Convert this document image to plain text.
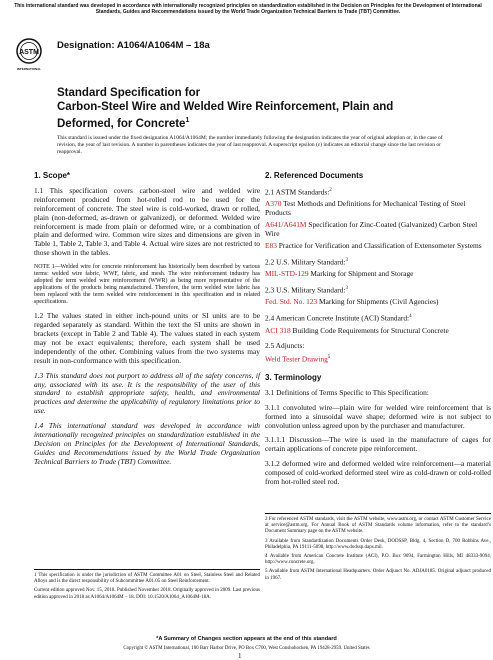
This international standard was developed in accordance with internationally recognized principles on standardization established in the Decision on Principles for the Development of International Standards, Guides and Recommendations issued by the World Trade Organization Technical Barriers to Trade (TBT) Committee.
ASTM
INTERNATIONAL
Designation: A1064/A1064M – 18a
Standard Specification for
Carbon-Steel Wire and Welded Wire Reinforcement, Plain and Deformed, for Concrete$^1$
This standard is issued under the fixed designation A1064/A1064M; the number immediately following the designation indicates the year of original adoption or, in the case of revision, the year of last revision. A number in parentheses indicates the year of last reapproval. A superscript epsilon (ε) indicates an editorial change since the last revision or reapproval.
1. Scope*

1.1 This specification covers carbon-steel wire and welded wire reinforcement produced from hot-rolled rod to be used for the reinforcement of concrete. The steel wire is cold-worked, drawn or rolled, plain (non-deformed, as-drawn or galvanized), or deformed. Welded wire reinforcement is made from plain or deformed wire, or a combination of plain and deformed wire. Common wire sizes and dimensions are given in Table 1, Table 2, Table 3, and Table 4. Actual wire sizes are not restricted to those shown in the tables.

NOTE 1—Welded wire for concrete reinforcement has historically been described by various terms: welded wire fabric, WWF, fabric, and mesh. The wire reinforcement industry has adopted the term welded wire reinforcement (WWR) as being more representative of the applications of the products being manufactured. Therefore, the term welded wire fabric has been replaced with the term welded wire reinforcement in this specification and in related specifications.

1.2 The values stated in either inch-pound units or SI units are to be regarded separately as standard. Within the text the SI units are shown in brackets (except in Table 2 and Table 4). The values stated in each system may not be exact equivalents; therefore, each system shall be used independently of the other. Combining values from the two systems may result in non-conformance with this specification.

1.3 This standard does not purport to address all of the safety concerns, if any, associated with its use. It is the responsibility of the user of this standard to establish appropriate safety, health, and environmental practices and determine the applicability of regulatory limitations prior to use.

1.4 This international standard was developed in accordance with internationally recognized principles on standardization established in the Decision on Principles for the Development of International Standards, Guides and Recommendations issued by the World Trade Organization Technical Barriers to Trade (TBT) Committee.

2. Referenced Documents
2.1 ASTM Standards:$^2$
A370 Test Methods and Definitions for Mechanical Testing of Steel Products
A641/A641M Specification for Zinc-Coated (Galvanized) Carbon Steel Wire
E83 Practice for Verification and Classification of Extensometer Systems
2.2 U.S. Military Standard:$^3$
MIL-STD-129 Marking for Shipment and Storage
2.3 U.S. Military Standard:$^3$
Fed. Std. No. 123 Marking for Shipments (Civil Agencies)
2.4 American Concrete Institute (ACI) Standard:$^4$
ACI 318 Building Code Requirements for Structural Concrete
2.5 Adjuncts:
Weld Tester Drawing$^5$
3. Terminology

3.1 Definitions of Terms Specific to This Specification:

3.1.1 convoluted wire—plain wire for welded wire reinforcement that is formed into a sinusoidal wave shape; deformed wire is not subject to convolution unless agreed upon by the purchaser and manufacturer.

3.1.1.1 Discussion—The wire is used in the manufacture of cages for certain applications of concrete pipe reinforcement.

3.1.2 deformed wire and deformed welded wire reinforcement—a material composed of cold-worked deformed steel wire as cold-drawn or cold-rolled from hot-rolled steel rod.

1 This specification is under the jurisdiction of ASTM Committee A01 on Steel, Stainless Steel and Related Alloys and is the direct responsibility of Subcommittee A01.05 on Steel Reinforcement.
Current edition approved Nov. 15, 2018. Published November 2018. Originally approved in 2009. Last previous edition approved in 2018 as A1064/A1064M – 18. DOI: 10.1520/A1064_A1064M-18A.
2 For referenced ASTM standards, visit the ASTM website, www.astm.org, or contact ASTM Customer Service at service@astm.org. For Annual Book of ASTM Standards volume information, refer to the standard’s Document Summary page on the ASTM website.
3 Available from Standardization Documents Order Desk, DODSSP, Bldg. 4, Section D, 700 Robbins Ave., Philadelphia, PA 19111-5098, http://www.dodssp.daps.mil.
4 Available from American Concrete Institute (ACI), P.O. Box 9094, Farmington Hills, MI 48333-9094, http://www.concrete.org.
5 Available from ASTM International Headquarters. Order Adjunct No. ADJA0185. Original adjunct produced in 1967.
*A Summary of Changes section appears at the end of this standard
Copyright © ASTM International, 100 Barr Harbor Drive, PO Box C700, West Conshohocken, PA 19428-2959. United States
1
